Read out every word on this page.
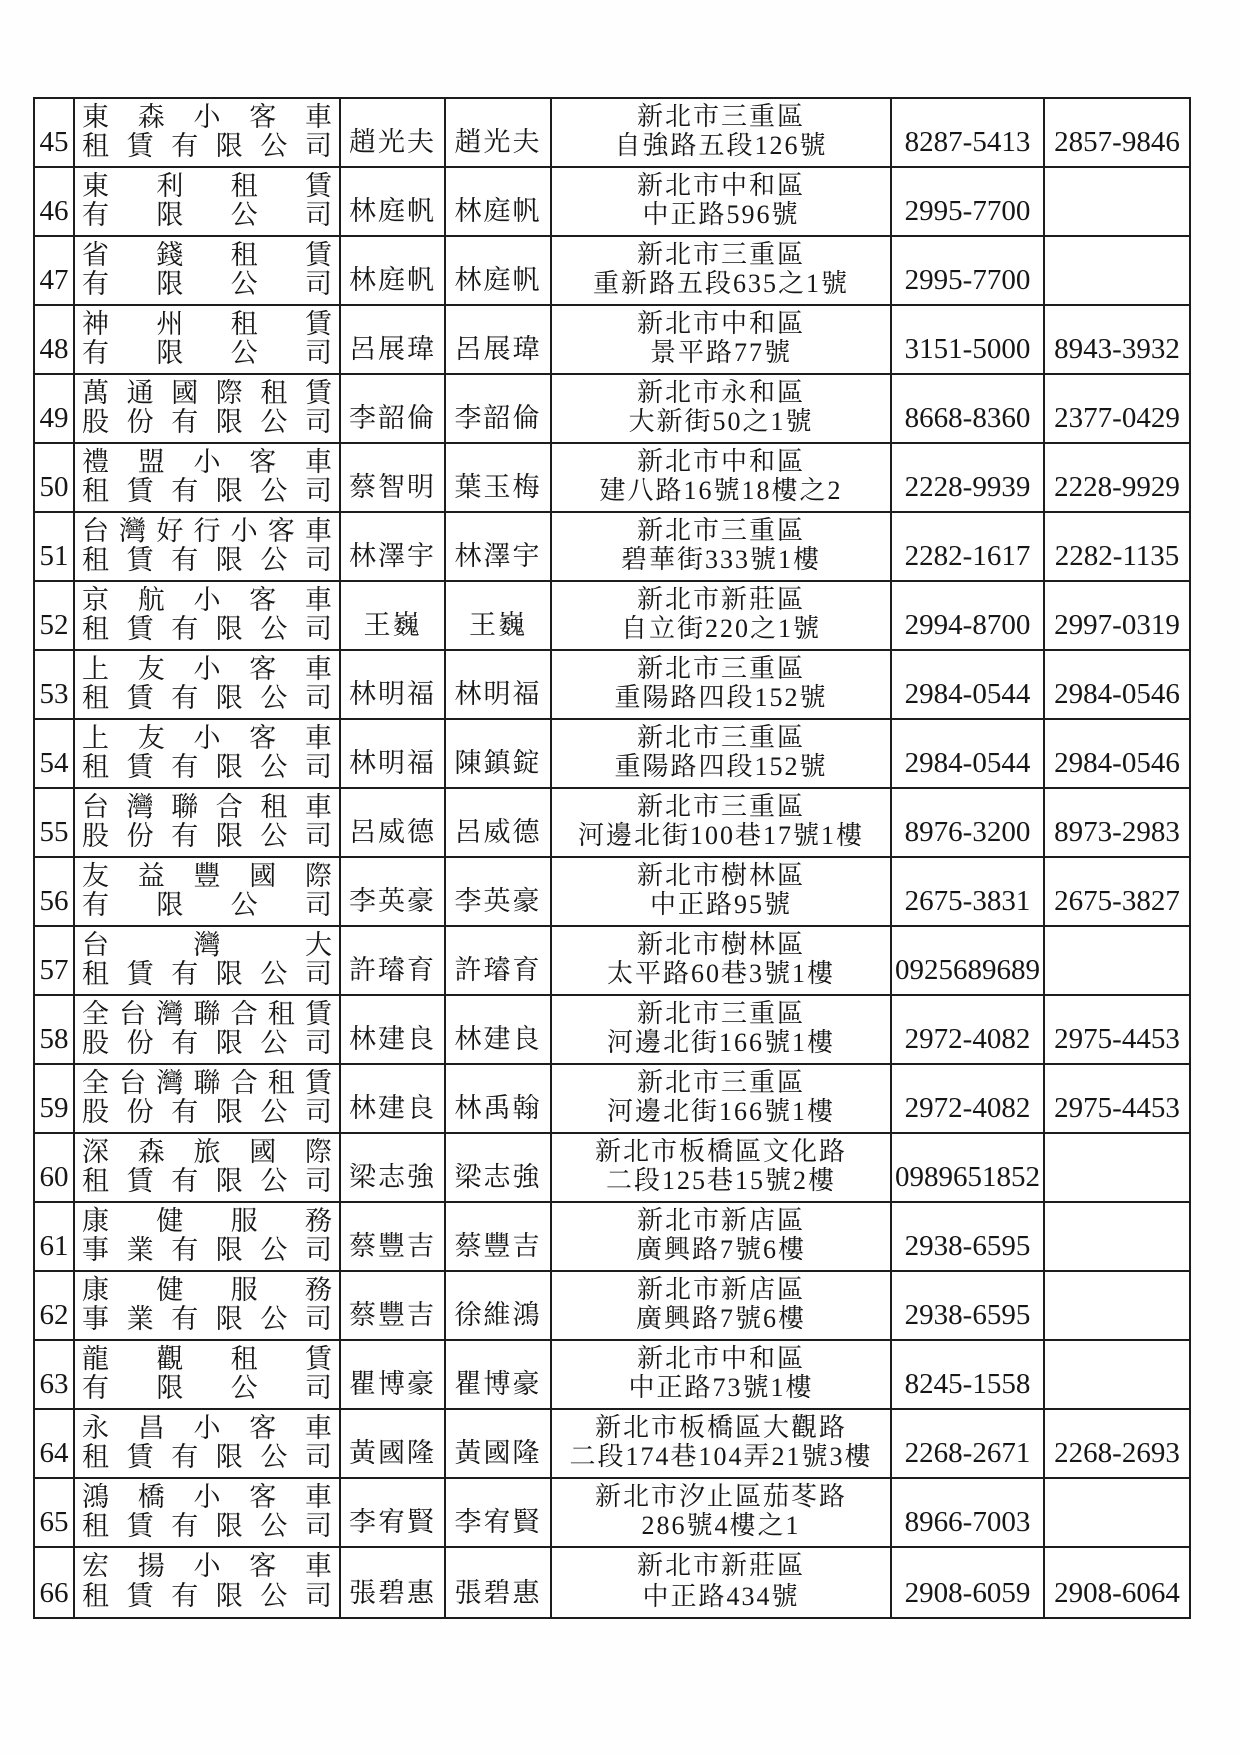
45
東 森 小 客 車
租 賃 有 限 公 司 趙光夫 趙光夫
新北市三重區
自強路五段126號	8287-5413 2857-9846
46
東 利 租 賃
有 限 公 司 林庭帆 林庭帆
新北市中和區
中正路596號	2995-7700
47
省 錢 租 賃
有 限 公 司 林庭帆 林庭帆
新北市三重區
重新路五段635之1號	2995-7700
48
神 州 租 賃
有 限 公 司 呂展瑋 呂展瑋
新北市中和區
景平路77號	3151-5000 8943-3932
49
萬 通 國 際 租 賃
股 份 有 限 公 司 李韶倫 李韶倫
新北市永和區
大新街50之1號	8668-8360 2377-0429
50
禮 盟 小 客 車
租 賃 有 限 公 司 蔡智明 葉玉梅
新北市中和區
建八路16號18樓之2	2228-9939 2228-9929
51
台 灣 好 行 小 客 車
租 賃 有 限 公 司 林澤宇 林澤宇
新北市三重區
碧華街333號1樓	2282-1617 2282-1135
52
京 航 小 客 車
租 賃 有 限 公 司	王巍	王巍
新北市新莊區
自立街220之1號	2994-8700 2997-0319
53
上 友 小 客 車
租 賃 有 限 公 司 林明福 林明福
新北市三重區
重陽路四段152號	2984-0544 2984-0546
54
上 友 小 客 車
租 賃 有 限 公 司 林明福 陳鎮錠
新北市三重區
重陽路四段152號	2984-0544 2984-0546
55
台 灣 聯 合 租 車
股 份 有 限 公 司 呂威德 呂威德
新北市三重區
河邊北街100巷17號1樓	8976-3200 8973-2983
56
友 益 豐 國 際
有 限 公 司 李英豪 李英豪
新北市樹林區
中正路95號	2675-3831 2675-3827
57
台	灣	大
租 賃 有 限 公 司 許璿育 許璿育
新北市樹林區
太平路60巷3號1樓	0925689689
58
全 台 灣 聯 合 租 賃
股 份 有 限 公 司 林建良 林建良
新北市三重區
河邊北街166號1樓	2972-4082 2975-4453
59
全 台 灣 聯 合 租 賃
股 份 有 限 公 司 林建良 林禹翰
新北市三重區
河邊北街166號1樓	2972-4082 2975-4453
60
深 森 旅 國 際
租 賃 有 限 公 司 梁志強 梁志強
新北市板橋區文化路
二段125巷15號2樓	0989651852
61
康 健 服 務
事 業 有 限 公 司 蔡豐吉 蔡豐吉
新北市新店區
廣興路7號6樓	2938-6595
62
康 健 服 務
事 業 有 限 公 司 蔡豐吉 徐維鴻
新北市新店區
廣興路7號6樓	2938-6595
63
龍 觀 租 賃
有 限 公 司 瞿博豪 瞿博豪
新北市中和區
中正路73號1樓	8245-1558
64
永 昌 小 客 車
租 賃 有 限 公 司 黃國隆 黃國隆
新北市板橋區大觀路
二段174巷104弄21號3樓	2268-2671 2268-2693
65
鴻 橋 小 客 車
租 賃 有 限 公 司 李宥賢 李宥賢
新北市汐止區茄苳路
286號4樓之1	8966-7003
66
宏 揚 小 客 車
租 賃 有 限 公 司 張碧惠 張碧惠
新北市新莊區
中正路434號	2908-6059 2908-6064
